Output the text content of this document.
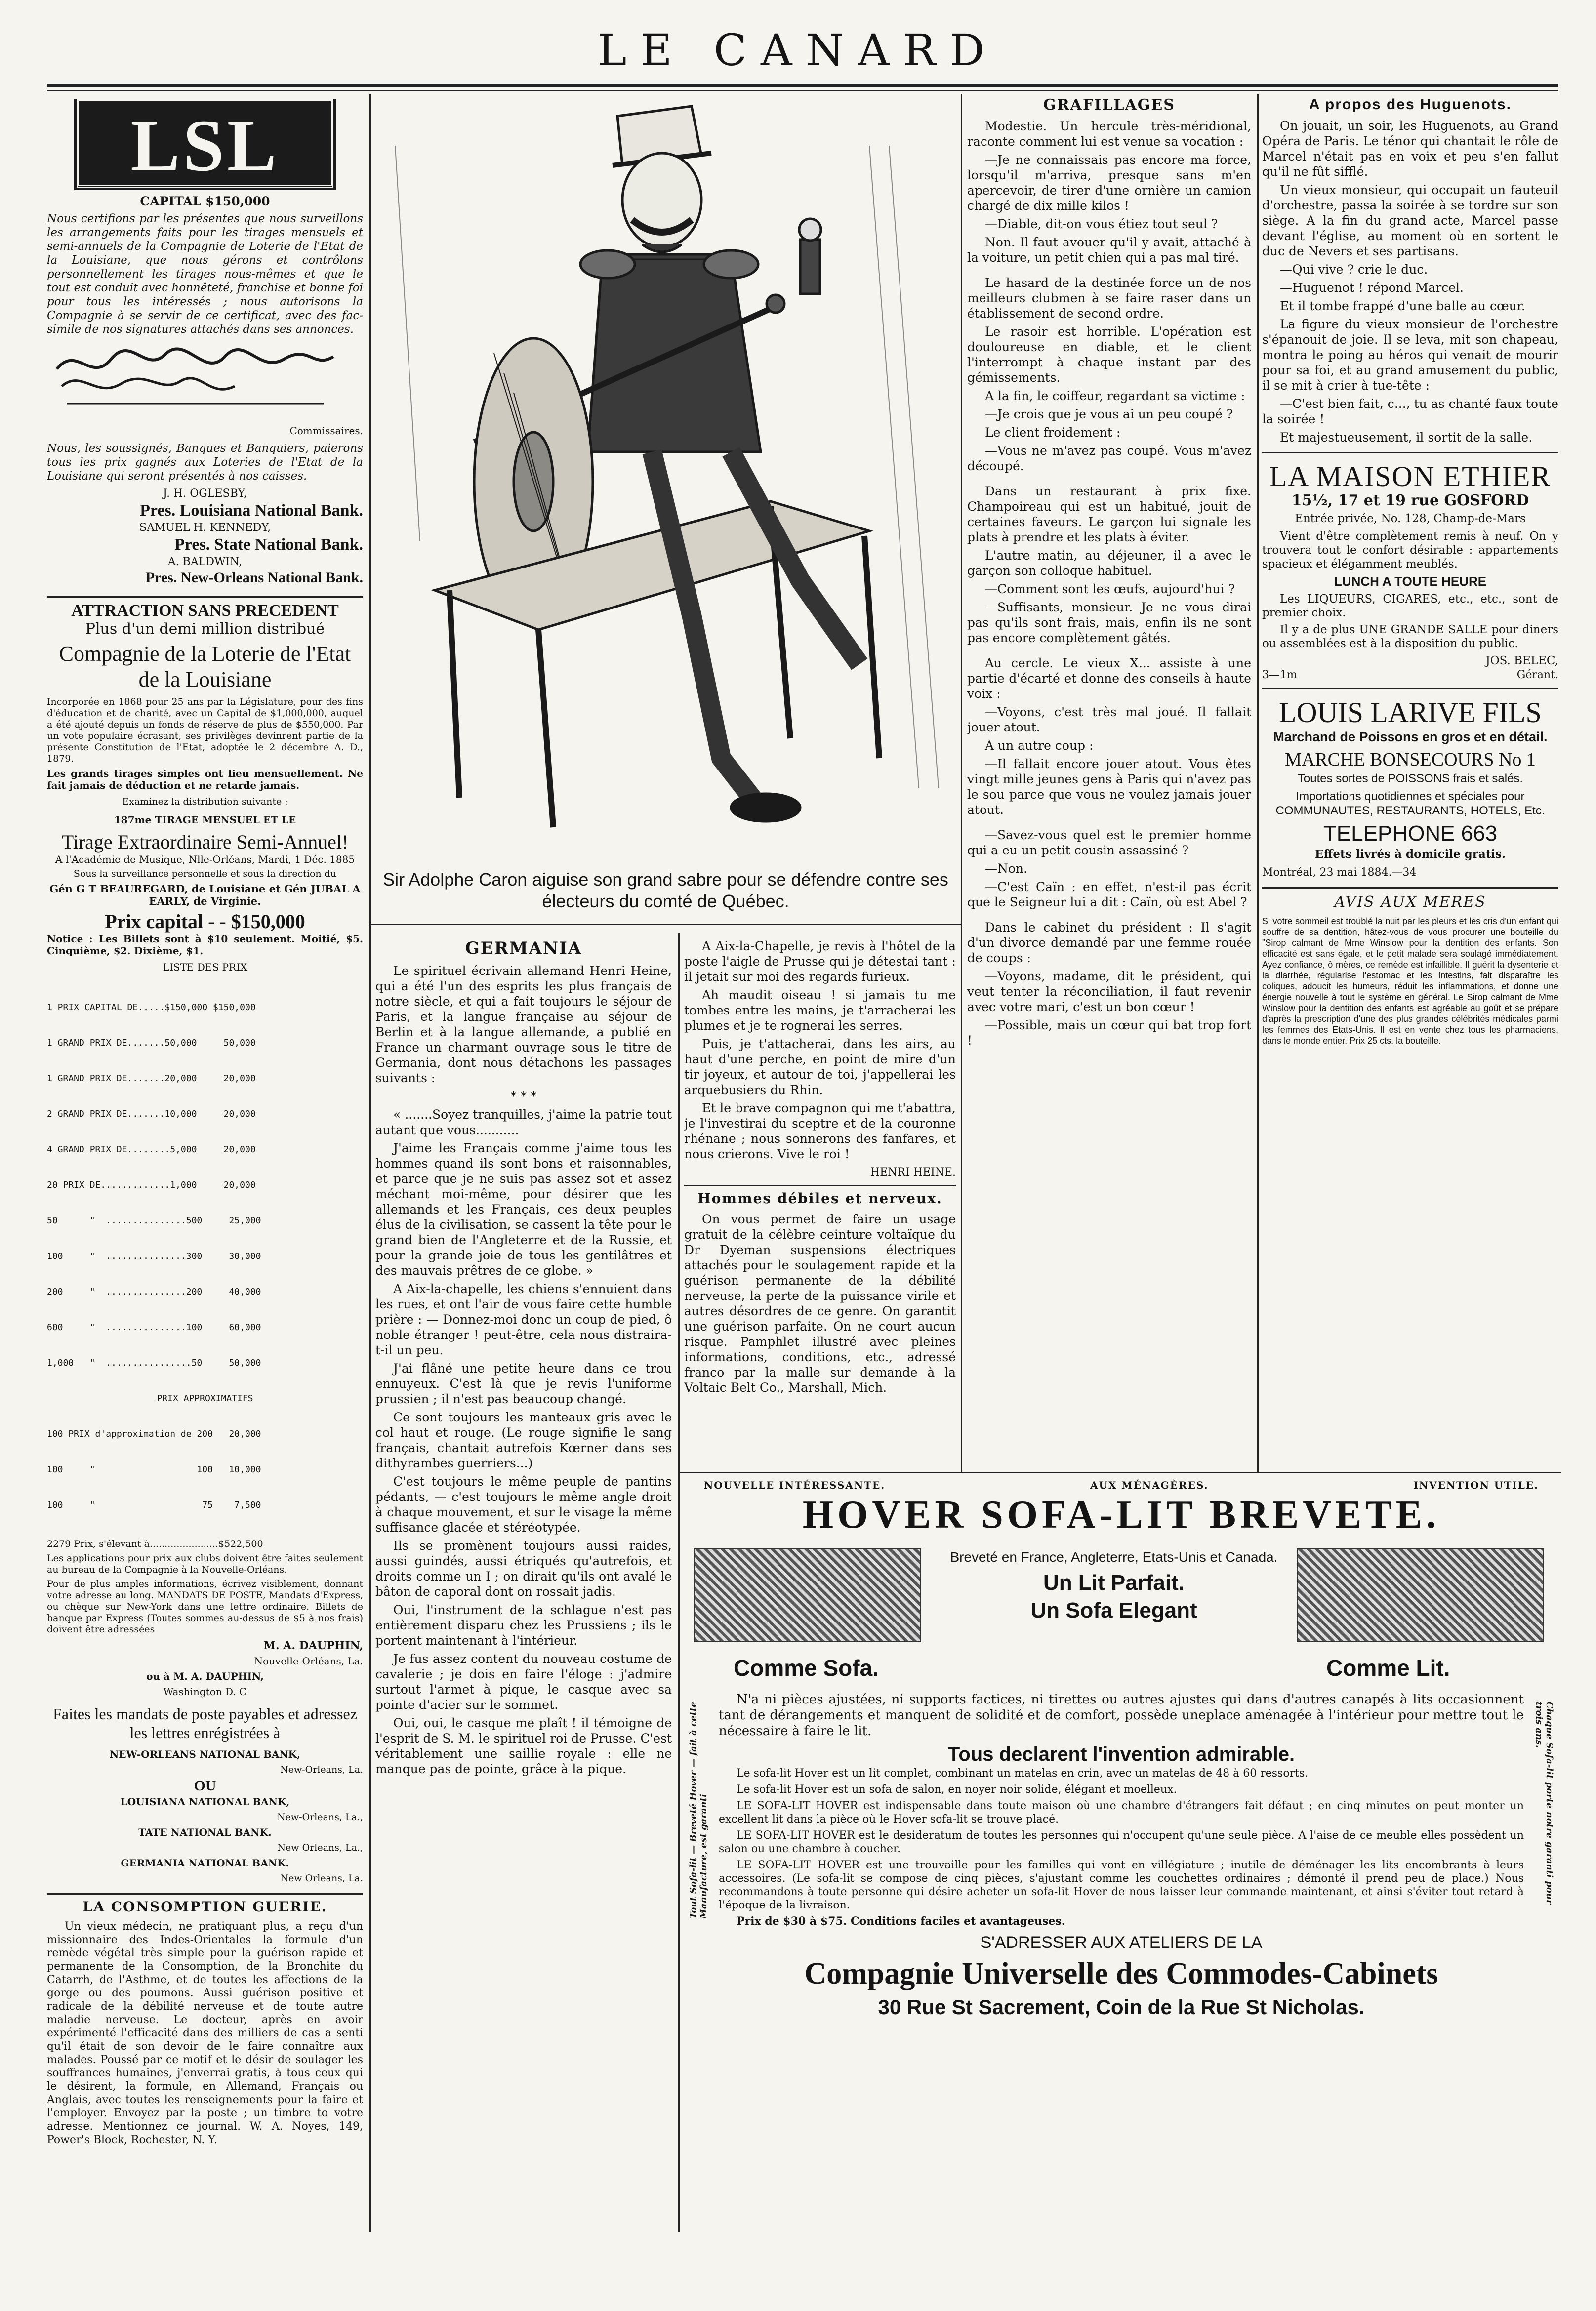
LE CANARD
LSL
CAPITAL $150,000
Nous certifions par les présentes que nous surveillons les arrangements faits pour les tirages mensuels et semi-annuels de la Compagnie de Loterie de l'Etat de la Louisiane, que nous gérons et contrôlons personnellement les tirages nous-mêmes et que le tout est conduit avec honnêteté, franchise et bonne foi pour tous les intéressés ; nous autorisons la Compagnie à se servir de ce certificat, avec des fac-simile de nos signatures attachés dans ses annonces.
Commissaires.
Nous, les soussignés, Banques et Banquiers, paierons tous les prix gagnés aux Loteries de l'Etat de la Louisiane qui seront présentés à nos caisses.
J. H. OGLESBY,
Pres. Louisiana National Bank.
SAMUEL H. KENNEDY,
Pres. State National Bank.
A. BALDWIN,
Pres. New-Orleans National Bank.
ATTRACTION SANS PRECEDENT
Plus d'un demi million distribué
Compagnie de la Loterie de l'Etat de la Louisiane
Incorporée en 1868 pour 25 ans par la Législature, pour des fins d'éducation et de charité, avec un Capital de $1,000,000, auquel a été ajouté depuis un fonds de réserve de plus de $550,000. Par un vote populaire écrasant, ses privilèges devinrent partie de la présente Constitution de l'Etat, adoptée le 2 décembre A. D., 1879.
Les grands tirages simples ont lieu mensuellement. Ne fait jamais de déduction et ne retarde jamais.
Examinez la distribution suivante :
187me TIRAGE MENSUEL ET LE
Tirage Extraordinaire Semi-Annuel!
A l'Académie de Musique, Nlle-Orléans, Mardi, 1 Déc. 1885
Sous la surveillance personnelle et sous la direction du
Gén G T BEAUREGARD, de Louisiane et Gén JUBAL A EARLY, de Virginie.
Prix capital - - $150,000
Notice : Les Billets sont à $10 seulement. Moitié, $5. Cinquième, $2. Dixième, $1.
LISTE DES PRIX

1 PRIX CAPITAL DE.....$150,000 $150,000

1 GRAND PRIX DE.......50,000     50,000

1 GRAND PRIX DE.......20,000     20,000

2 GRAND PRIX DE.......10,000     20,000

4 GRAND PRIX DE........5,000     20,000

20 PRIX DE.............1,000     20,000

50      "  ...............500     25,000

100     "  ...............300     30,000

200     "  ...............200     40,000

600     "  ...............100     60,000

1,000   "  ................50     50,000

PRIX APPROXIMATIFS

100 PRIX d'approximation de 200   20,000

100     "                   100   10,000

100     "                    75    7,500

2279 Prix, s'élevant à.......................$522,500
Les applications pour prix aux clubs doivent être faites seulement au bureau de la Compagnie à la Nouvelle-Orléans.
Pour de plus amples informations, écrivez visiblement, donnant votre adresse au long. MANDATS DE POSTE, Mandats d'Express, ou chèque sur New-York dans une lettre ordinaire. Billets de banque par Express (Toutes sommes au-dessus de $5 à nos frais) doivent être adressées
M. A. DAUPHIN,
Nouvelle-Orléans, La.
ou à M. A. DAUPHIN,
Washington D. C
Faites les mandats de poste payables et adressez les lettres enrégistrées à
NEW-ORLEANS NATIONAL BANK,
New-Orleans, La.
OU
LOUISIANA NATIONAL BANK,
New-Orleans, La.,
TATE NATIONAL BANK.
New Orleans, La.,
GERMANIA NATIONAL BANK.
New Orleans, La.
LA CONSOMPTION GUERIE.
Un vieux médecin, ne pratiquant plus, a reçu d'un missionnaire des Indes-Orientales la formule d'un remède végétal très simple pour la guérison rapide et permanente de la Consomption, de la Bronchite du Catarrh, de l'Asthme, et de toutes les affections de la gorge ou des poumons. Aussi guérison positive et radicale de la débilité nerveuse et de toute autre maladie nerveuse. Le docteur, après en avoir expérimenté l'efficacité dans des milliers de cas a senti qu'il était de son devoir de le faire connaître aux malades. Poussé par ce motif et le désir de soulager les souffrances humaines, j'enverrai gratis, à tous ceux qui le désirent, la formule, en Allemand, Français ou Anglais, avec toutes les renseignements pour la faire et l'employer. Envoyez par la poste ; un timbre to votre adresse. Mentionnez ce journal. W. A. Noyes, 149, Power's Block, Rochester, N. Y.
Sir Adolphe Caron aiguise son grand sabre pour se défendre contre ses électeurs du comté de Québec.
GERMANIA
Le spirituel écrivain allemand Henri Heine, qui a été l'un des esprits les plus français de notre siècle, et qui a fait toujours le séjour de Paris, et la langue française au séjour de Berlin et à la langue allemande, a publié en France un charmant ouvrage sous le titre de Germania, dont nous détachons les passages suivants :
* * *
« .......Soyez tranquilles, j'aime la patrie tout autant que vous...........
J'aime les Français comme j'aime tous les hommes quand ils sont bons et raisonnables, et parce que je ne suis pas assez sot et assez méchant moi-même, pour désirer que les allemands et les Français, ces deux peuples élus de la civilisation, se cassent la tête pour le grand bien de l'Angleterre et de la Russie, et pour la grande joie de tous les gentilâtres et des mauvais prêtres de ce globe. »
A Aix-la-chapelle, les chiens s'ennuient dans les rues, et ont l'air de vous faire cette humble prière : — Donnez-moi donc un coup de pied, ô noble étranger ! peut-être, cela nous distraira-t-il un peu.
J'ai flâné une petite heure dans ce trou ennuyeux. C'est là que je revis l'uniforme prussien ; il n'est pas beaucoup changé.
Ce sont toujours les manteaux gris avec le col haut et rouge. (Le rouge signifie le sang français, chantait autrefois Kœrner dans ses dithyrambes guerriers...)
C'est toujours le même peuple de pantins pédants, — c'est toujours le même angle droit à chaque mouvement, et sur le visage la même suffisance glacée et stéréotypée.
Ils se promènent toujours aussi raides, aussi guindés, aussi étriqués qu'autrefois, et droits comme un I ; on dirait qu'ils ont avalé le bâton de caporal dont on rossait jadis.
Oui, l'instrument de la schlague n'est pas entièrement disparu chez les Prussiens ; ils le portent maintenant à l'intérieur.
Je fus assez content du nouveau costume de cavalerie ; je dois en faire l'éloge : j'admire surtout l'armet à pique, le casque avec sa pointe d'acier sur le sommet.
Oui, oui, le casque me plaît ! il témoigne de l'esprit de S. M. le spirituel roi de Prusse. C'est véritablement une saillie royale : elle ne manque pas de pointe, grâce à la pique.
A Aix-la-Chapelle, je revis à l'hôtel de la poste l'aigle de Prusse qui je détestai tant : il jetait sur moi des regards furieux.
Ah maudit oiseau ! si jamais tu me tombes entre les mains, je t'arracherai les plumes et je te rognerai les serres.
Puis, je t'attacherai, dans les airs, au haut d'une perche, en point de mire d'un tir joyeux, et autour de toi, j'appellerai les arquebusiers du Rhin.
Et le brave compagnon qui me t'abattra, je l'investirai du sceptre et de la couronne rhénane ; nous sonnerons des fanfares, et nous crierons. Vive le roi !
HENRI HEINE.
Hommes débiles et nerveux.
On vous permet de faire un usage gratuit de la célèbre ceinture voltaïque du Dr Dyeman suspensions électriques attachés pour le soulagement rapide et la guérison permanente de la débilité nerveuse, la perte de la puissance virile et autres désordres de ce genre. On garantit une guérison parfaite. On ne court aucun risque. Pamphlet illustré avec pleines informations, conditions, etc., adressé franco par la malle sur demande à la Voltaic Belt Co., Marshall, Mich.
GRAFILLAGES
Modestie. Un hercule très-méridional, raconte comment lui est venue sa vocation :
—Je ne connaissais pas encore ma force, lorsqu'il m'arriva, presque sans m'en apercevoir, de tirer d'une ornière un camion chargé de dix mille kilos !
—Diable, dit-on vous étiez tout seul ?
Non. Il faut avouer qu'il y avait, attaché à la voiture, un petit chien qui a pas mal tiré.
Le hasard de la destinée force un de nos meilleurs clubmen à se faire raser dans un établissement de second ordre.
Le rasoir est horrible. L'opération est douloureuse en diable, et le client l'interrompt à chaque instant par des gémissements.
A la fin, le coiffeur, regardant sa victime :
—Je crois que je vous ai un peu coupé ?
Le client froidement :
—Vous ne m'avez pas coupé. Vous m'avez découpé.
Dans un restaurant à prix fixe. Champoireau qui est un habitué, jouit de certaines faveurs. Le garçon lui signale les plats à prendre et les plats à éviter.
L'autre matin, au déjeuner, il a avec le garçon son colloque habituel.
—Comment sont les œufs, aujourd'hui ?
—Suffisants, monsieur. Je ne vous dirai pas qu'ils sont frais, mais, enfin ils ne sont pas encore complètement gâtés.
Au cercle. Le vieux X... assiste à une partie d'écarté et donne des conseils à haute voix :
—Voyons, c'est très mal joué. Il fallait jouer atout.
A un autre coup :
—Il fallait encore jouer atout. Vous êtes vingt mille jeunes gens à Paris qui n'avez pas le sou parce que vous ne voulez jamais jouer atout.
—Savez-vous quel est le premier homme qui a eu un petit cousin assassiné ?
—Non.
—C'est Caïn : en effet, n'est-il pas écrit que le Seigneur lui a dit : Caïn, où est Abel ?
Dans le cabinet du président : Il s'agit d'un divorce demandé par une femme rouée de coups :
—Voyons, madame, dit le président, qui veut tenter la réconciliation, il faut revenir avec votre mari, c'est un bon cœur !
—Possible, mais un cœur qui bat trop fort !
A propos des Huguenots.
On jouait, un soir, les Huguenots, au Grand Opéra de Paris. Le ténor qui chantait le rôle de Marcel n'était pas en voix et peu s'en fallut qu'il ne fût sifflé.
Un vieux monsieur, qui occupait un fauteuil d'orchestre, passa la soirée à se tordre sur son siège. A la fin du grand acte, Marcel passe devant l'église, au moment où en sortent le duc de Nevers et ses partisans.
—Qui vive ? crie le duc.
—Huguenot ! répond Marcel.
Et il tombe frappé d'une balle au cœur.
La figure du vieux monsieur de l'orchestre s'épanouit de joie. Il se leva, mit son chapeau, montra le poing au héros qui venait de mourir pour sa foi, et au grand amusement du public, il se mit à crier à tue-tête :
—C'est bien fait, c..., tu as chanté faux toute la soirée !
Et majestueusement, il sortit de la salle.
LA MAISON ETHIER
15½, 17 et 19 rue GOSFORD
Entrée privée, No. 128, Champ-de-Mars
Vient d'être complètement remis à neuf. On y trouvera tout le confort désirable : appartements spacieux et élégamment meublés.
LUNCH A TOUTE HEURE
Les LIQUEURS, CIGARES, etc., etc., sont de premier choix.
Il y a de plus UNE GRANDE SALLE pour diners ou assemblées est à la disposition du public.
JOS. BELEC,
3—1m	Gérant.
LOUIS LARIVE FILS
Marchand de Poissons en gros et en détail.
MARCHE BONSECOURS No 1
Toutes sortes de POISSONS frais et salés.
Importations quotidiennes et spéciales pour COMMUNAUTES, RESTAURANTS, HOTELS, Etc.
TELEPHONE 663
Effets livrés à domicile gratis.
Montréal, 23 mai 1884.—34
AVIS AUX MERES
Si votre sommeil est troublé la nuit par les pleurs et les cris d'un enfant qui souffre de sa dentition, hâtez-vous de vous procurer une bouteille du "Sirop calmant de Mme Winslow pour la dentition des enfants. Son efficacité est sans égale, et le petit malade sera soulagé immédiatement. Ayez confiance, ô mères, ce remède est infaillible. Il guérit la dysenterie et la diarrhée, régularise l'estomac et les intestins, fait disparaître les coliques, adoucit les humeurs, réduit les inflammations, et donne une énergie nouvelle à tout le système en général. Le Sirop calmant de Mme Winslow pour la dentition des enfants est agréable au goût et se prépare d'après la prescription d'une des plus grandes célébrités médicales parmi les femmes des Etats-Unis. Il est en vente chez tous les pharmaciens, dans le monde entier. Prix 25 cts. la bouteille.
NOUVELLE INTÉRESSANTE.	AUX MÉNAGÈRES.	INVENTION UTILE.
HOVER SOFA-LIT BREVETE.
Breveté en France, Angleterre, Etats-Unis et Canada.
Un Lit Parfait.
Un Sofa Elegant
Comme Sofa.	Comme Lit.
Tout Sofa-lit — Breveté Hover — fait à cette Manufacture, est garanti	Chaque Sofa-lit porte notre garanti pour trois ans.
N'a ni pièces ajustées, ni supports factices, ni tirettes ou autres ajustes qui dans d'autres canapés à lits occasionnent tant de dérangements et manquent de solidité et de comfort, possède uneplace aménagée à l'intérieur pour mettre tout le nécessaire à faire le lit.
Tous declarent l'invention admirable.
Le sofa-lit Hover est un lit complet, combinant un matelas en crin, avec un matelas de 48 à 60 ressorts.
Le sofa-lit Hover est un sofa de salon, en noyer noir solide, élégant et moelleux.
LE SOFA-LIT HOVER est indispensable dans toute maison où une chambre d'étrangers fait défaut ; en cinq minutes on peut monter un excellent lit dans la pièce où le Hover sofa-lit se trouve placé.
LE SOFA-LIT HOVER est le desideratum de toutes les personnes qui n'occupent qu'une seule pièce. A l'aise de ce meuble elles possèdent un salon ou une chambre à coucher.
LE SOFA-LIT HOVER est une trouvaille pour les familles qui vont en villégiature ; inutile de déménager les lits encombrants à leurs accessoires. (Le sofa-lit se compose de cinq pièces, s'ajustant comme les couchettes ordinaires ; démonté il prend peu de place.) Nous recommandons à toute personne qui désire acheter un sofa-lit Hover de nous laisser leur commande maintenant, et ainsi s'éviter tout retard à l'époque de la livraison.
Prix de $30 à $75. Conditions faciles et avantageuses.
S'ADRESSER AUX ATELIERS DE LA
Compagnie Universelle des Commodes-Cabinets
30 Rue St Sacrement, Coin de la Rue St Nicholas.
